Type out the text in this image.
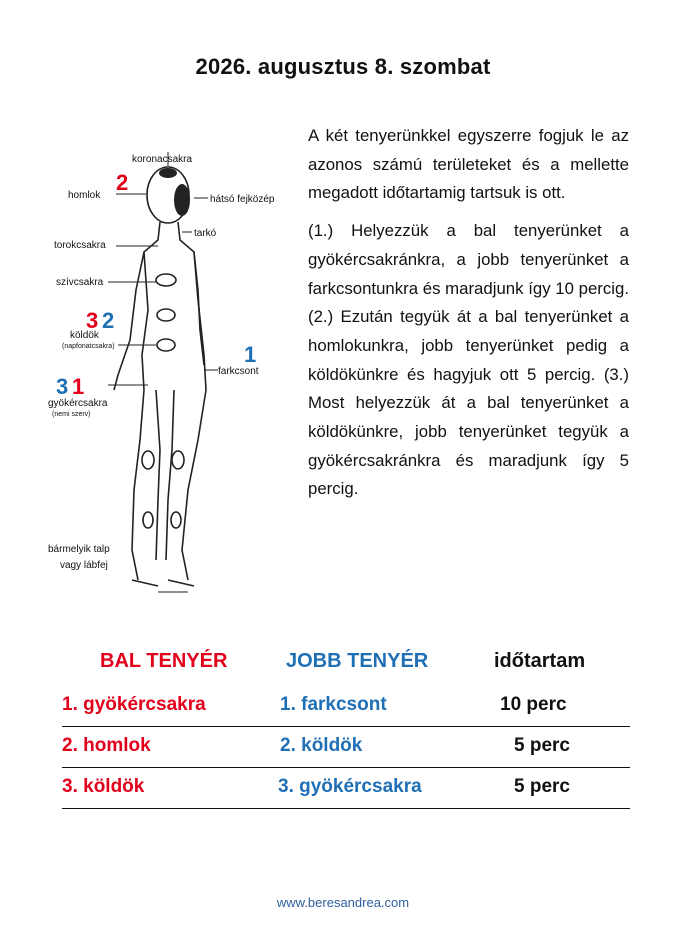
2026. augusztus 8. szombat
koronacsakra
homlok
2
hátsó fejközép
tarkó
torokcsakra
szívcsakra
3 2
köldök
(napfonatcsakra)	1
farkcsont
3 1
gyökércsakra
(nemi szerv)
bármelyik talp
vagy lábfej

A két tenyerünkkel egyszerre fogjuk le az azonos számú területeket és a mellette megadott időtartamig tartsuk is ott.

(1.) Helyezzük a bal tenyerünket a gyökércsakránkra, a jobb tenyerünket a farkcsontunkra és maradjunk így 10 percig. (2.) Ezután tegyük át a bal tenyerünket a homlokunkra, jobb tenyerünket pedig a köldökünkre és hagyjuk ott 5 percig. (3.) Most helyezzük át a bal tenyerünket a köldökünkre, jobb tenyerünket tegyük a gyökércsakránkra és maradjunk így 5 percig.

BAL TENYÉR	JOBB TENYÉR	időtartam
1. gyökércsakra	1. farkcsont	10 perc
2. homlok	2. köldök	5 perc
3. köldök	3. gyökércsakra	5 perc
www.beresandrea.com
